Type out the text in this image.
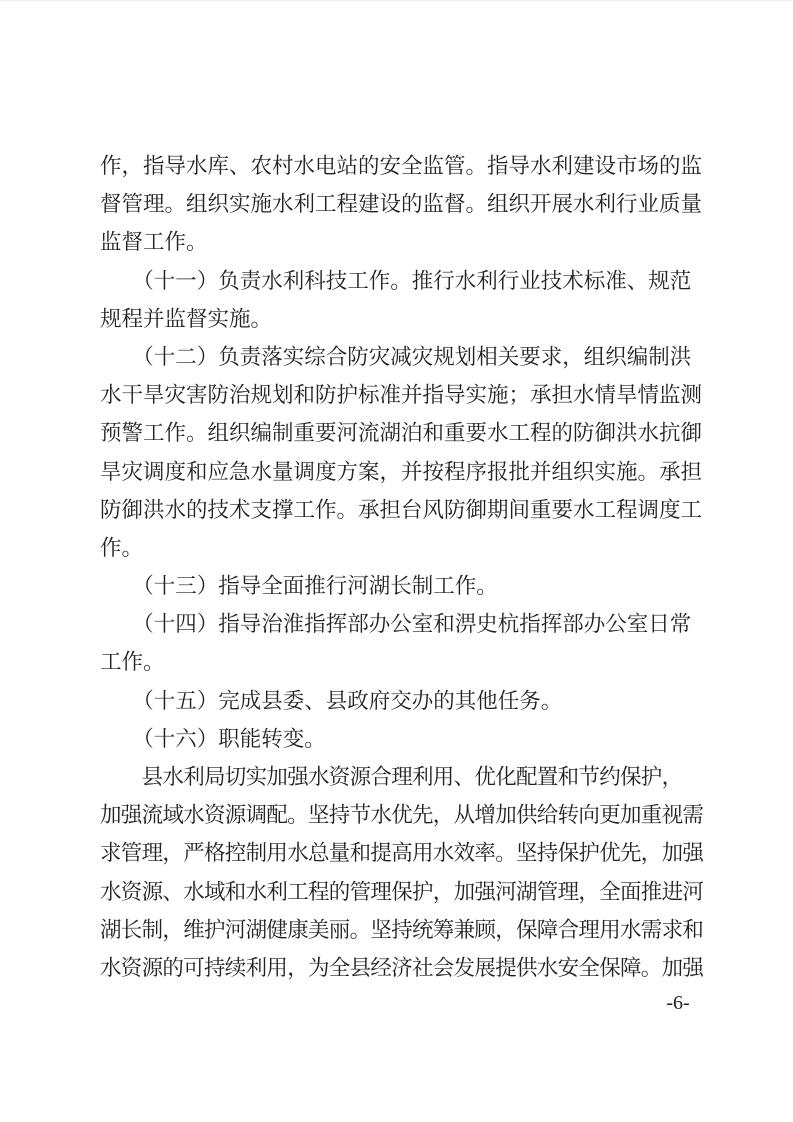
作，指导水库、农村水电站的安全监管。指导水利建设市场的监
督管理。组织实施水利工程建设的监督。组织开展水利行业质量
监督工作。
　　（十一）负责水利科技工作。推行水利行业技术标准、规范
规程并监督实施。
　　（十二）负责落实综合防灾减灾规划相关要求，组织编制洪
水干旱灾害防治规划和防护标准并指导实施；承担水情旱情监测
预警工作。组织编制重要河流湖泊和重要水工程的防御洪水抗御
旱灾调度和应急水量调度方案，并按程序报批并组织实施。承担
防御洪水的技术支撑工作。承担台风防御期间重要水工程调度工
作。
　　（十三）指导全面推行河湖长制工作。
　　（十四）指导治淮指挥部办公室和淠史杭指挥部办公室日常
工作。
　　（十五）完成县委、县政府交办的其他任务。
　　（十六）职能转变。
　　县水利局切实加强水资源合理利用、优化配置和节约保护，
加强流域水资源调配。坚持节水优先，从增加供给转向更加重视需
求管理，严格控制用水总量和提高用水效率。坚持保护优先，加强
水资源、水域和水利工程的管理保护，加强河湖管理，全面推进河
湖长制，维护河湖健康美丽。坚持统筹兼顾，保障合理用水需求和
水资源的可持续利用，为全县经济社会发展提供水安全保障。加强
-6-
